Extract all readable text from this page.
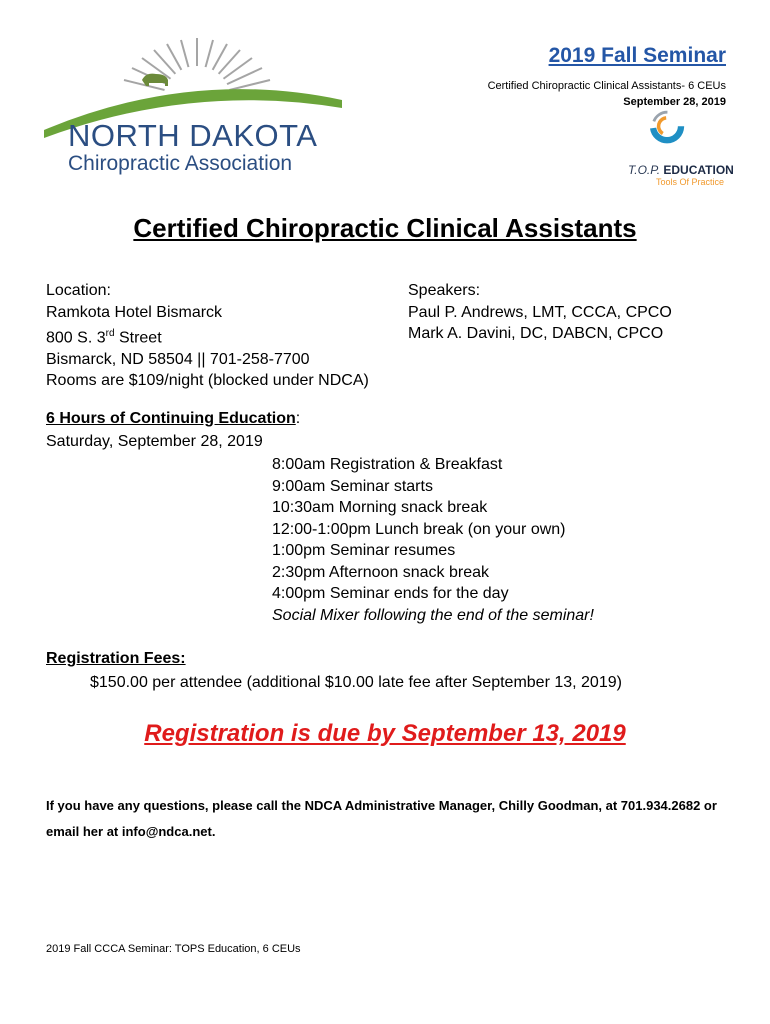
NORTH DAKOTA
Chiropractic Association
2019 Fall Seminar
Certified Chiropractic Clinical Assistants- 6 CEUs
September 28, 2019
T.O.P. EDUCATION
Tools Of Practice
Certified Chiropractic Clinical Assistants
Location:
Ramkota Hotel Bismarck
800 S. 3rd Street
Bismarck, ND 58504 || 701-258-7700
Rooms are $109/night (blocked under NDCA)
Speakers:
Paul P. Andrews, LMT, CCCA, CPCO
Mark A. Davini, DC, DABCN, CPCO
6 Hours of Continuing Education:
Saturday, September 28, 2019
8:00am Registration & Breakfast
9:00am Seminar starts
10:30am Morning snack break
12:00-1:00pm Lunch break (on your own)
1:00pm Seminar resumes
2:30pm Afternoon snack break
4:00pm Seminar ends for the day
Social Mixer following the end of the seminar!
Registration Fees:
$150.00 per attendee (additional $10.00 late fee after September 13, 2019)
Registration is due by September 13, 2019
If you have any questions, please call the NDCA Administrative Manager, Chilly Goodman, at 701.934.2682 or email her at info@ndca.net.
2019 Fall CCCA Seminar: TOPS Education, 6 CEUs
